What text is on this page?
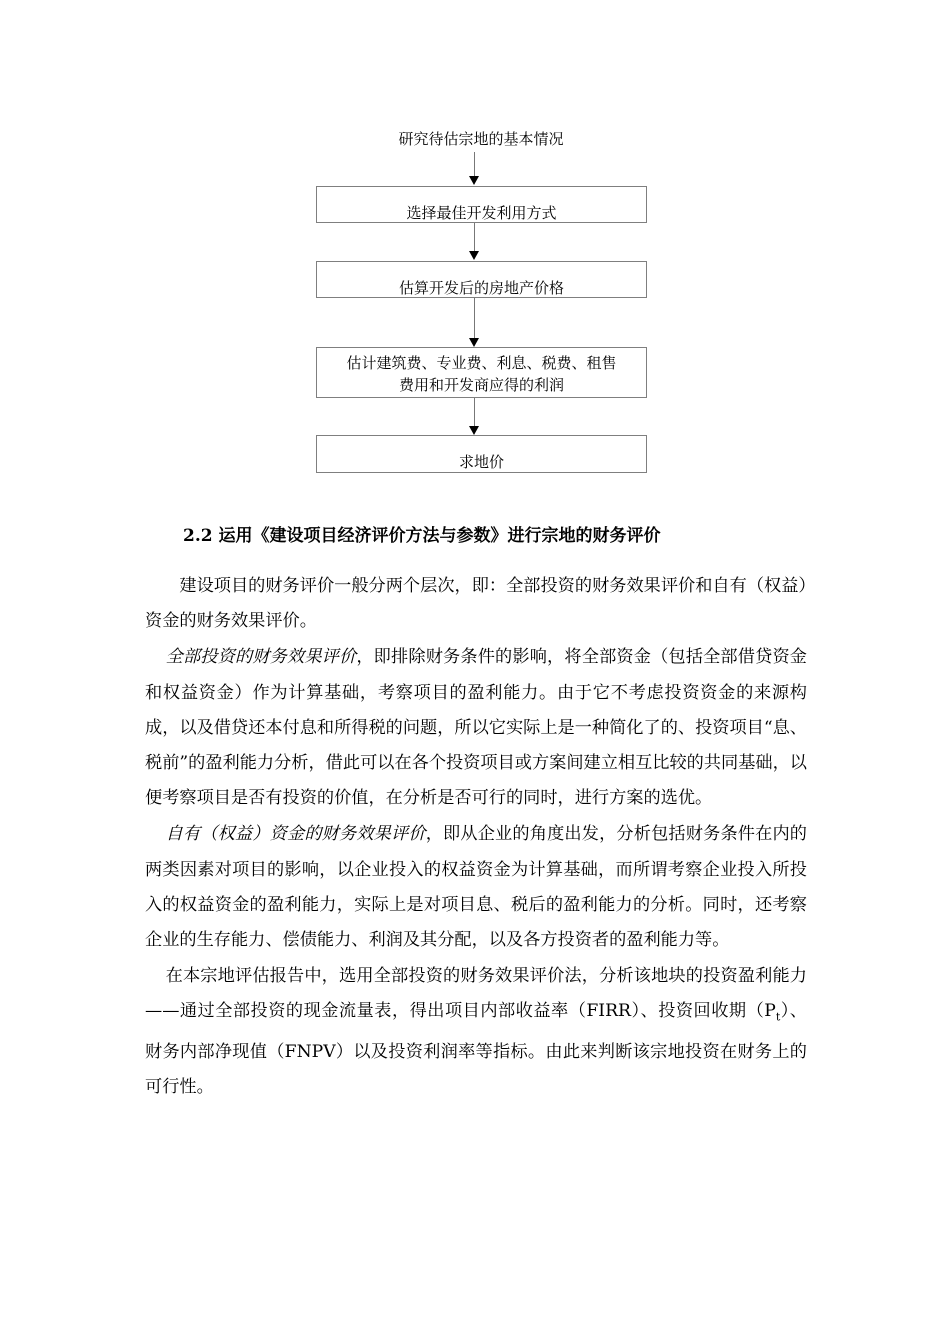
研究待估宗地的基本情况
选择最佳开发利用方式
估算开发后的房地产价格
估计建筑费、专业费、利息、税费、租售
费用和开发商应得的利润
求地价
2.2 运用《建设项目经济评价方法与参数》进行宗地的财务评价

建设项目的财务评价一般分两个层次，即：全部投资的财务效果评价和自有（权益）资金的财务效果评价。

全部投资的财务效果评价，即排除财务条件的影响，将全部资金（包括全部借贷资金和权益资金）作为计算基础，考察项目的盈利能力。由于它不考虑投资资金的来源构成，以及借贷还本付息和所得税的问题，所以它实际上是一种简化了的、投资项目“息、税前”的盈利能力分析，借此可以在各个投资项目或方案间建立相互比较的共同基础，以便考察项目是否有投资的价值，在分析是否可行的同时，进行方案的选优。

自有（权益）资金的财务效果评价，即从企业的角度出发，分析包括财务条件在内的两类因素对项目的影响，以企业投入的权益资金为计算基础，而所谓考察企业投入所投入的权益资金的盈利能力，实际上是对项目息、税后的盈利能力的分析。同时，还考察企业的生存能力、偿债能力、利润及其分配，以及各方投资者的盈利能力等。

在本宗地评估报告中，选用全部投资的财务效果评价法，分析该地块的投资盈利能力——通过全部投资的现金流量表，得出项目内部收益率（FIRR）、投资回收期$(P_t)$、财务内部净现值（FNPV）以及投资利润率等指标。由此来判断该宗地投资在财务上的可行性。
